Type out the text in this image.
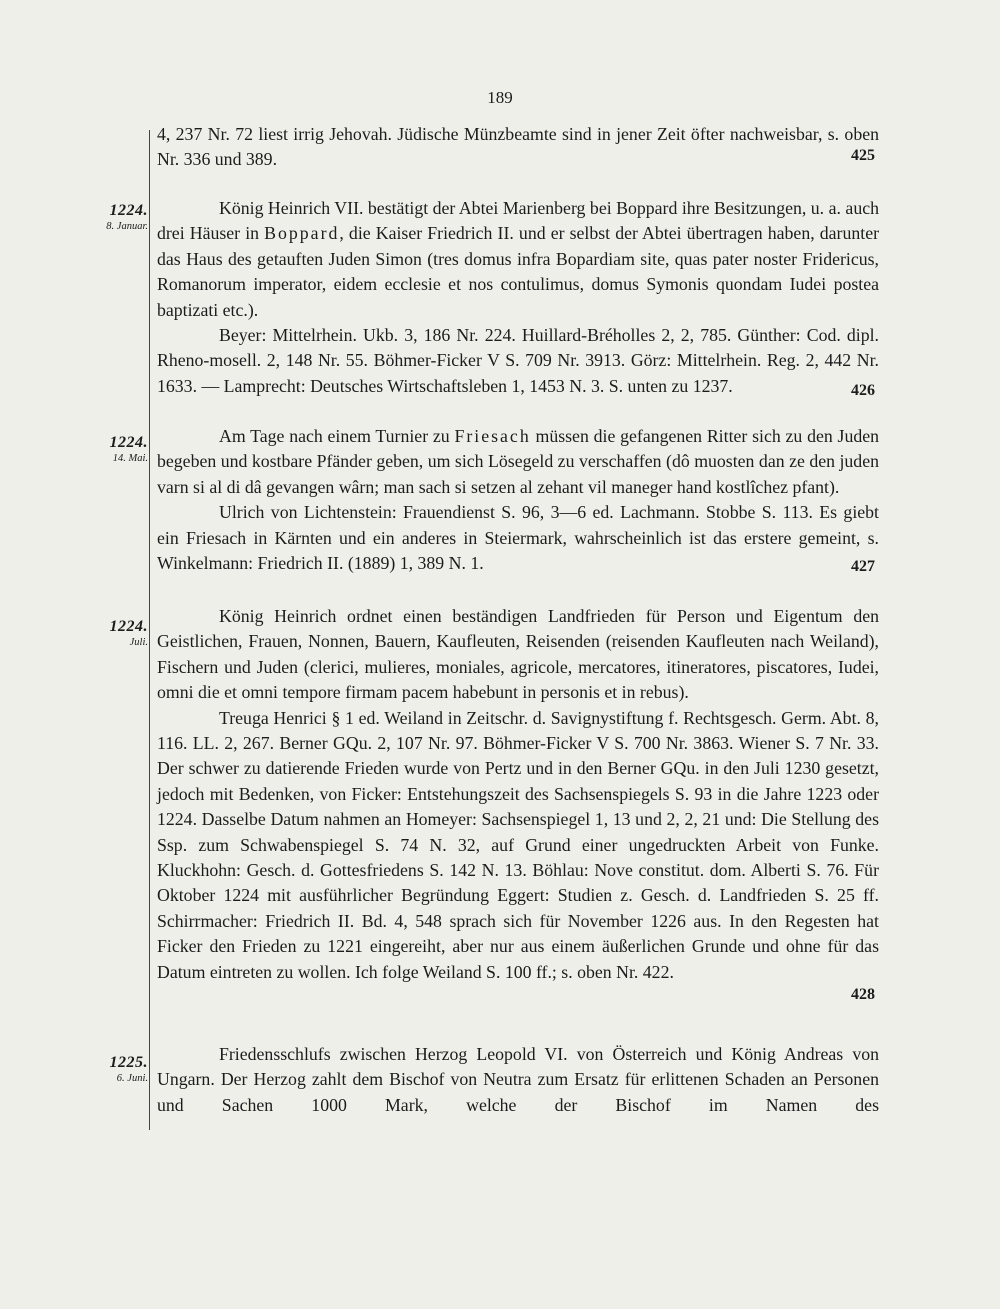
189

4, 237 Nr. 72 liest irrig Jehovah. Jüdische Münzbeamte sind in jener Zeit öfter nachweisbar, s. oben Nr. 336 und 389.	425
1224.
8. Januar.

König Heinrich VII. bestätigt der Abtei Marienberg bei Boppard ihre Besitzungen, u. a. auch drei Häuser in Boppard, die Kaiser Friedrich II. und er selbst der Abtei übertragen haben, darunter das Haus des getauften Juden Simon (tres domus infra Bopardiam site, quas pater noster Fridericus, Romanorum imperator, eidem ecclesie et nos contulimus, domus Symonis quondam Iudei postea baptizati etc.).

Beyer: Mittelrhein. Ukb. 3, 186 Nr. 224. Huillard-Bréholles 2, 2, 785. Günther: Cod. dipl. Rheno-mosell. 2, 148 Nr. 55. Böhmer-Ficker V S. 709 Nr. 3913. Görz: Mittelrhein. Reg. 2, 442 Nr. 1633. — Lamprecht: Deutsches Wirtschaftsleben 1, 1453 N. 3. S. unten zu 1237.	426
1224.
14. Mai.

Am Tage nach einem Turnier zu Friesach müssen die gefangenen Ritter sich zu den Juden begeben und kostbare Pfänder geben, um sich Lösegeld zu verschaffen (dô muosten dan ze den juden varn si al di dâ gevangen wârn; man sach si setzen al zehant vil maneger hand kostlîchez pfant).

Ulrich von Lichtenstein: Frauendienst S. 96, 3—6 ed. Lachmann. Stobbe S. 113. Es giebt ein Friesach in Kärnten und ein anderes in Steiermark, wahrscheinlich ist das erstere gemeint, s. Winkelmann: Friedrich II. (1889) 1, 389 N. 1.	427
1224.
Juli.

König Heinrich ordnet einen beständigen Landfrieden für Person und Eigentum den Geistlichen, Frauen, Nonnen, Bauern, Kaufleuten, Reisenden (reisenden Kaufleuten nach Weiland), Fischern und Juden (clerici, mulieres, moniales, agricole, mercatores, itineratores, piscatores, Iudei, omni die et omni tempore firmam pacem habebunt in personis et in rebus).

Treuga Henrici § 1 ed. Weiland in Zeitschr. d. Savignystiftung f. Rechtsgesch. Germ. Abt. 8, 116. LL. 2, 267. Berner GQu. 2, 107 Nr. 97. Böhmer-Ficker V S. 700 Nr. 3863. Wiener S. 7 Nr. 33. Der schwer zu datierende Frieden wurde von Pertz und in den Berner GQu. in den Juli 1230 gesetzt, jedoch mit Bedenken, von Ficker: Entstehungszeit des Sachsenspiegels S. 93 in die Jahre 1223 oder 1224. Dasselbe Datum nahmen an Homeyer: Sachsenspiegel 1, 13 und 2, 2, 21 und: Die Stellung des Ssp. zum Schwabenspiegel S. 74 N. 32, auf Grund einer ungedruckten Arbeit von Funke. Kluckhohn: Gesch. d. Gottesfriedens S. 142 N. 13. Böhlau: Nove constitut. dom. Alberti S. 76. Für Oktober 1224 mit ausführlicher Begründung Eggert: Studien z. Gesch. d. Landfrieden S. 25 ff. Schirrmacher: Friedrich II. Bd. 4, 548 sprach sich für November 1226 aus. In den Regesten hat Ficker den Frieden zu 1221 eingereiht, aber nur aus einem äußerlichen Grunde und ohne für das Datum eintreten zu wollen. Ich folge Weiland S. 100 ff.; s. oben Nr. 422.

428
1225.
6. Juni.

Friedensschlufs zwischen Herzog Leopold VI. von Österreich und König Andreas von Ungarn. Der Herzog zahlt dem Bischof von Neutra zum Ersatz für erlittenen Schaden an Personen und Sachen 1000 Mark, welche der Bischof im Namen des
